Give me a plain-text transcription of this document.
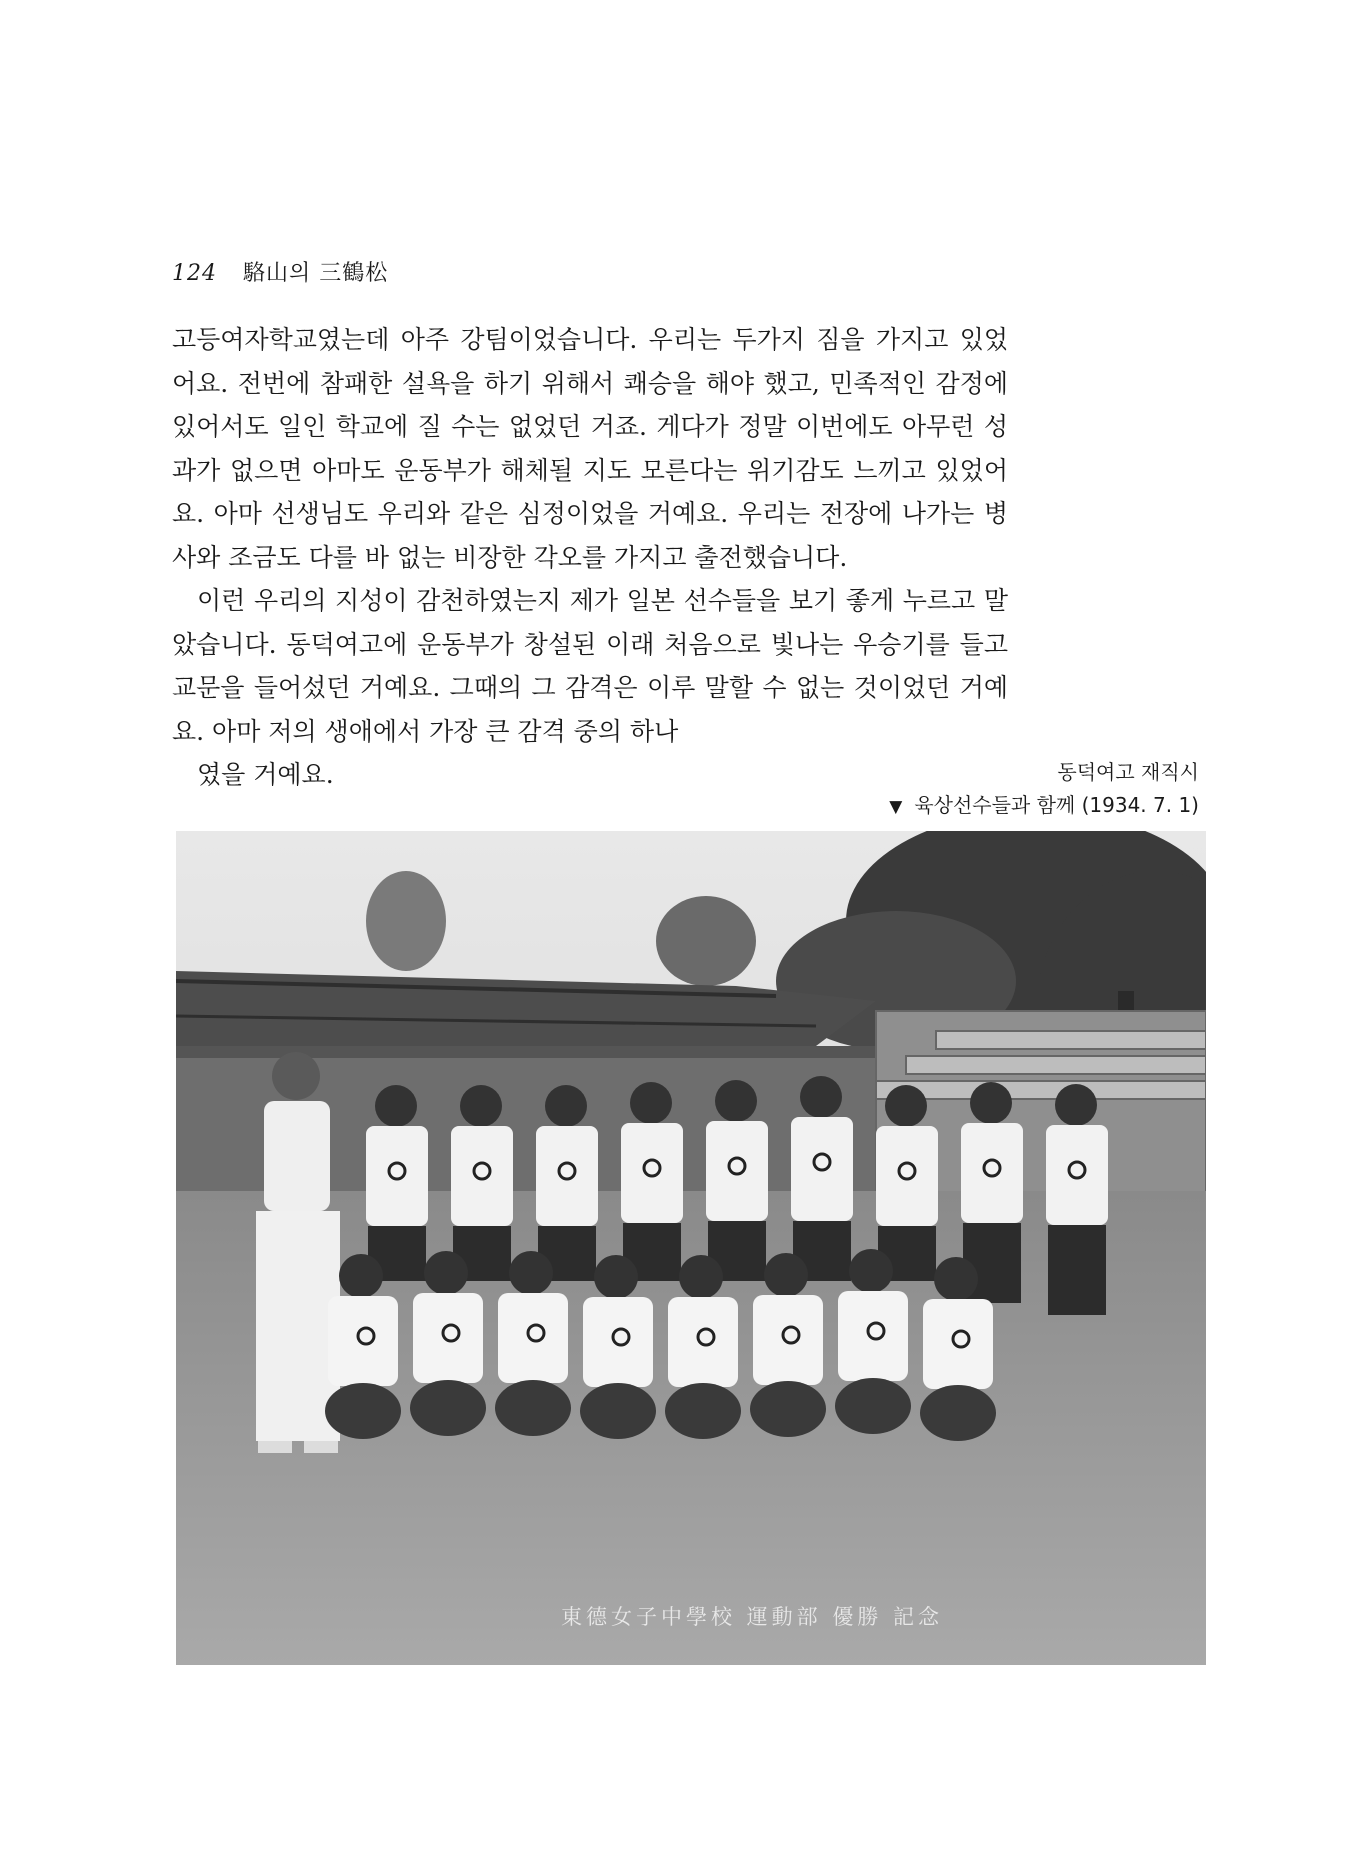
124 駱山의 三鶴松

고등여자학교였는데 아주 강팀이었습니다. 우리는 두가지 짐을 가지고 있었어요. 전번에 참패한 설욕을 하기 위해서 쾌승을 해야 했고, 민족적인 감정에 있어서도 일인 학교에 질 수는 없었던 거죠. 게다가 정말 이번에도 아무런 성과가 없으면 아마도 운동부가 해체될 지도 모른다는 위기감도 느끼고 있었어요. 아마 선생님도 우리와 같은 심정이었을 거예요. 우리는 전장에 나가는 병사와 조금도 다를 바 없는 비장한 각오를 가지고 출전했습니다.

이런 우리의 지성이 감천하였는지 제가 일본 선수들을 보기 좋게 누르고 말았습니다. 동덕여고에 운동부가 창설된 이래 처음으로 빛나는 우승기를 들고 교문을 들어섰던 거예요. 그때의 그 감격은 이루 말할 수 없는 것이었던 거예요. 아마 저의 생애에서 가장 큰 감격 중의 하나
였을 거예요.	동덕여고 재직시
▼ 육상선수들과 함께 (1934. 7. 1)
東德女子中學校 運動部 優勝 記念
